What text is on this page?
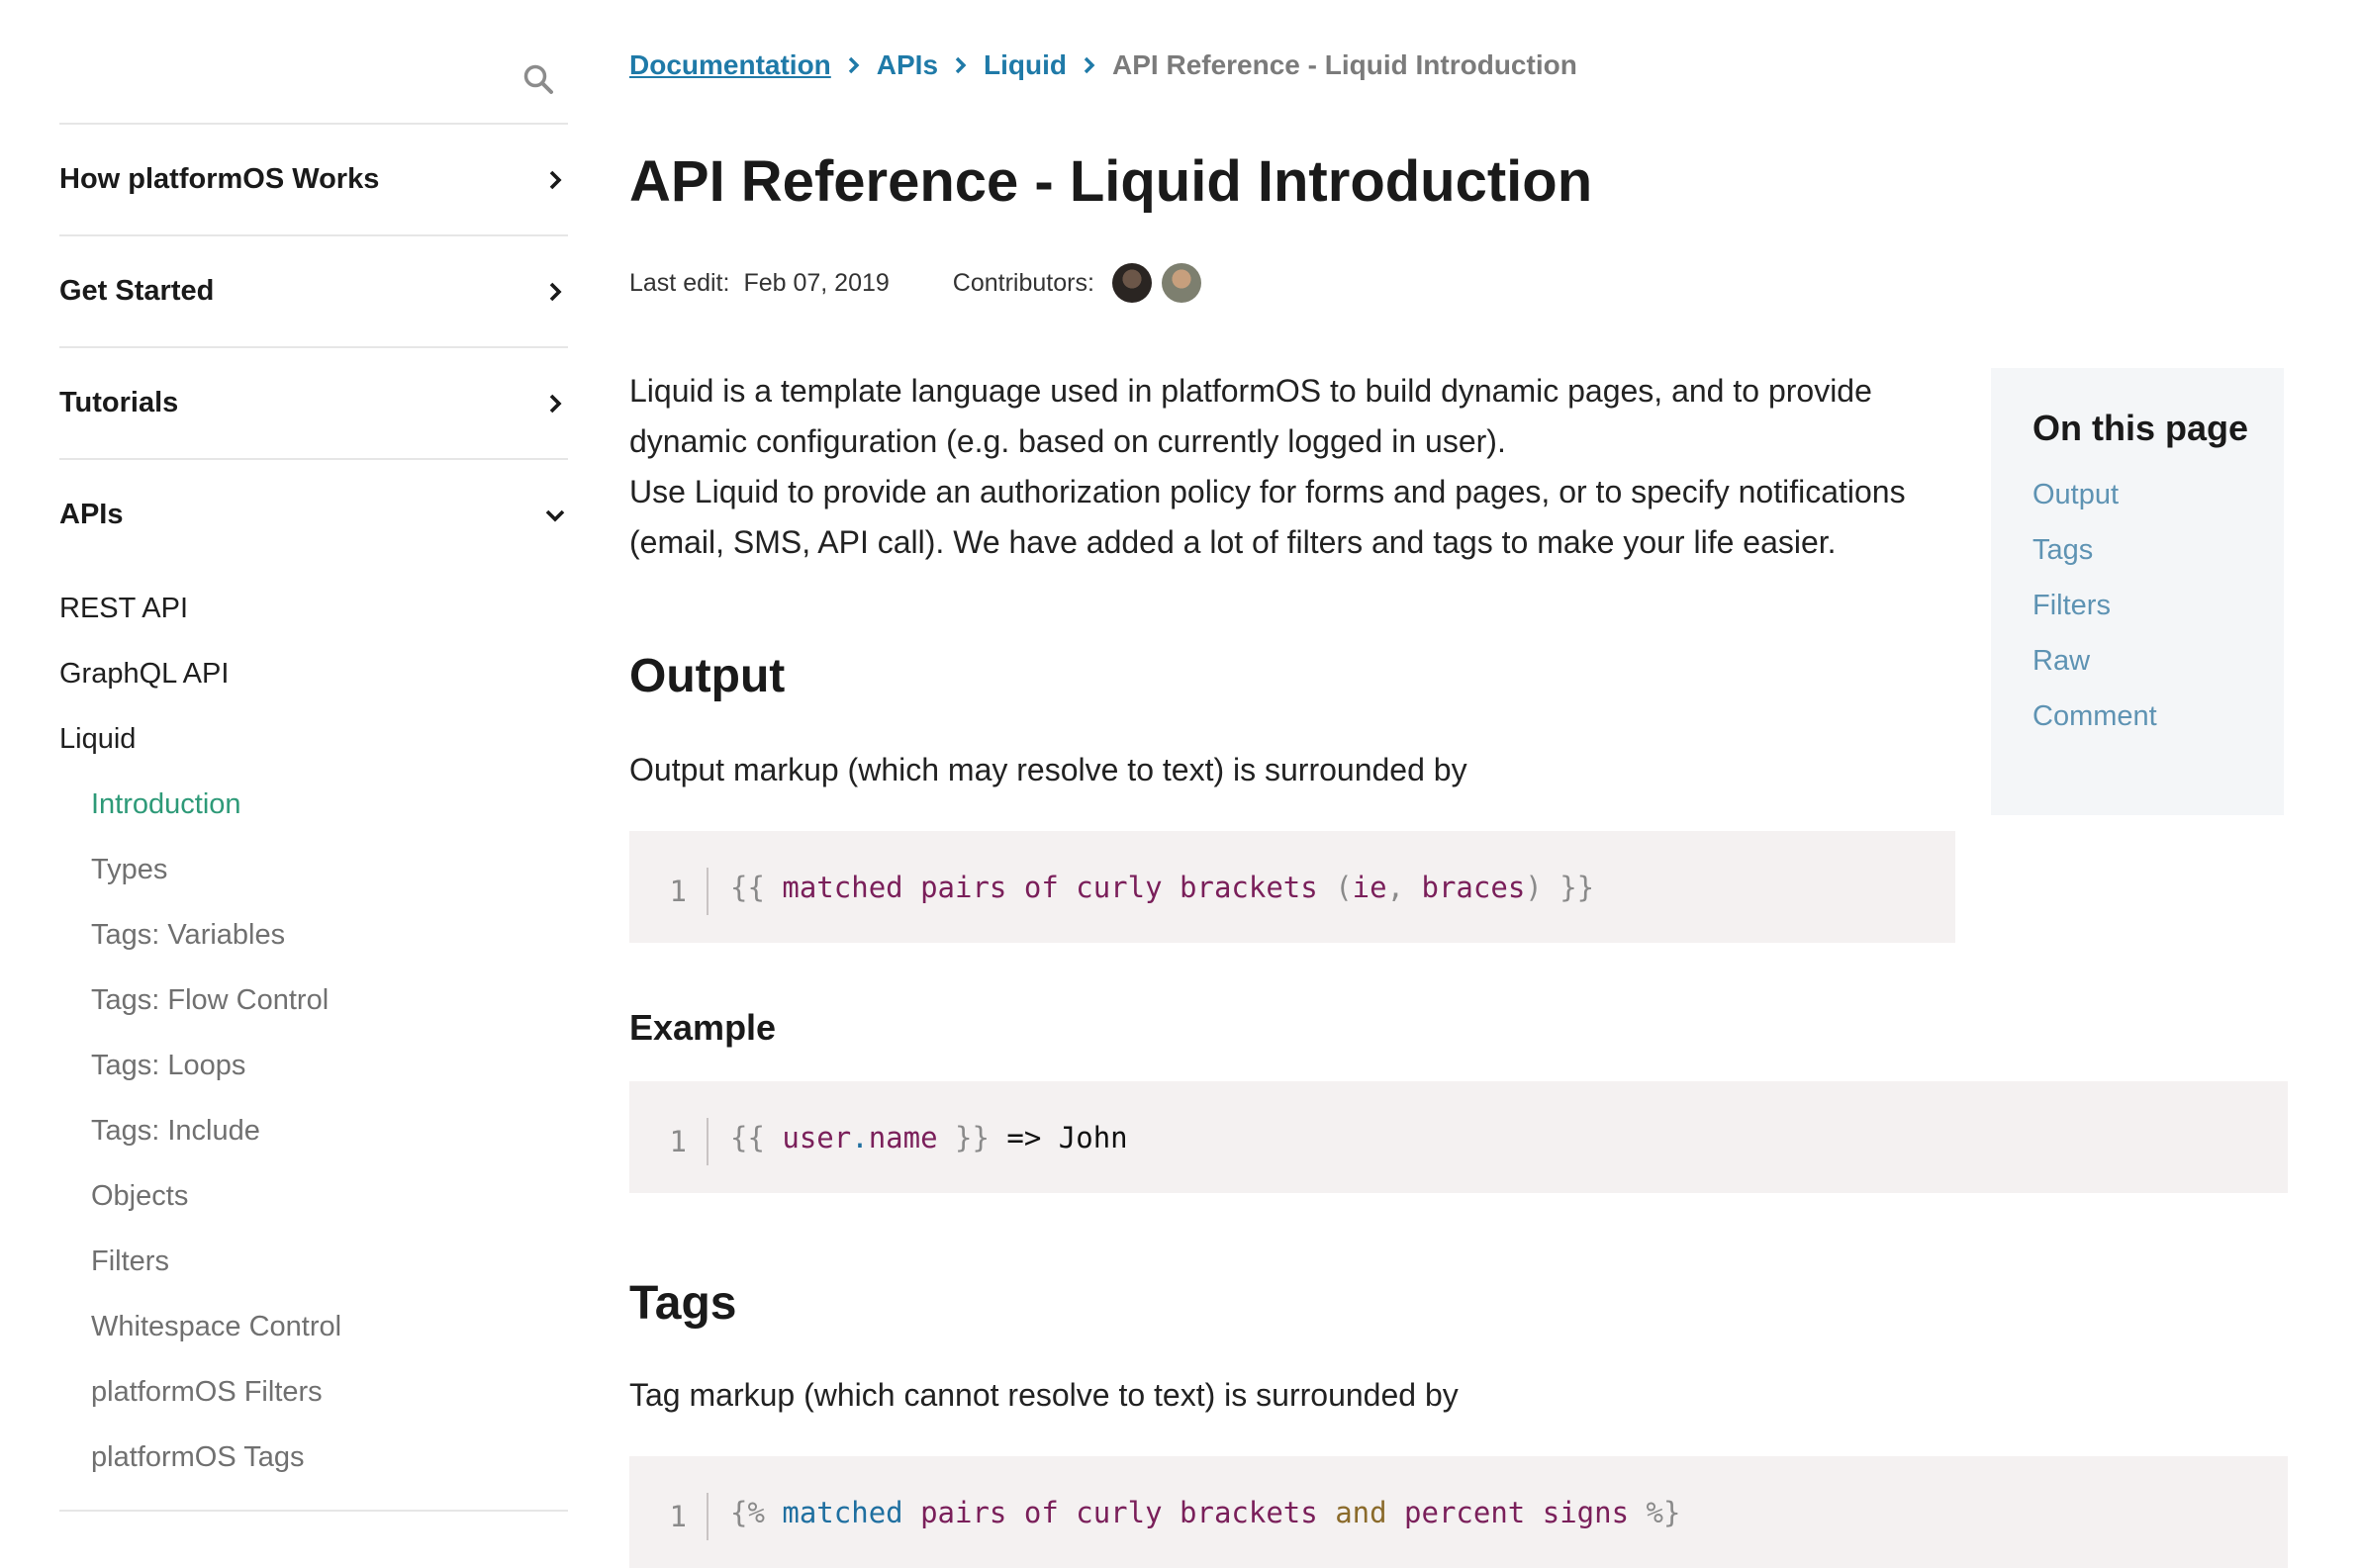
How platformOS Works
Get Started
Tutorials
APIs
REST API
GraphQL API
Liquid
Introduction
Types
Tags: Variables
Tags: Flow Control
Tags: Loops
Tags: Include
Objects
Filters
Whitespace Control
platformOS Filters
platformOS Tags
Documentation APIs Liquid API Reference - Liquid Introduction
API Reference - Liquid Introduction
Last edit: Feb 07, 2019	Contributors:

Liquid is a template language used in platformOS to build dynamic pages, and to provide

dynamic configuration (e.g. based on currently logged in user).

Use Liquid to provide an authorization policy for forms and pages, or to specify notifications

(email, SMS, API call). We have added a lot of filters and tags to make your life easier.

On this page
Output
Tags
Filters
Raw
Comment
Output

Output markup (which may resolve to text) is surrounded by

1	{{ matched pairs of curly brackets (ie, braces) }}
Example
1	{{ user.name }} => John
Tags

Tag markup (which cannot resolve to text) is surrounded by

1	{% matched pairs of curly brackets and percent signs %}
